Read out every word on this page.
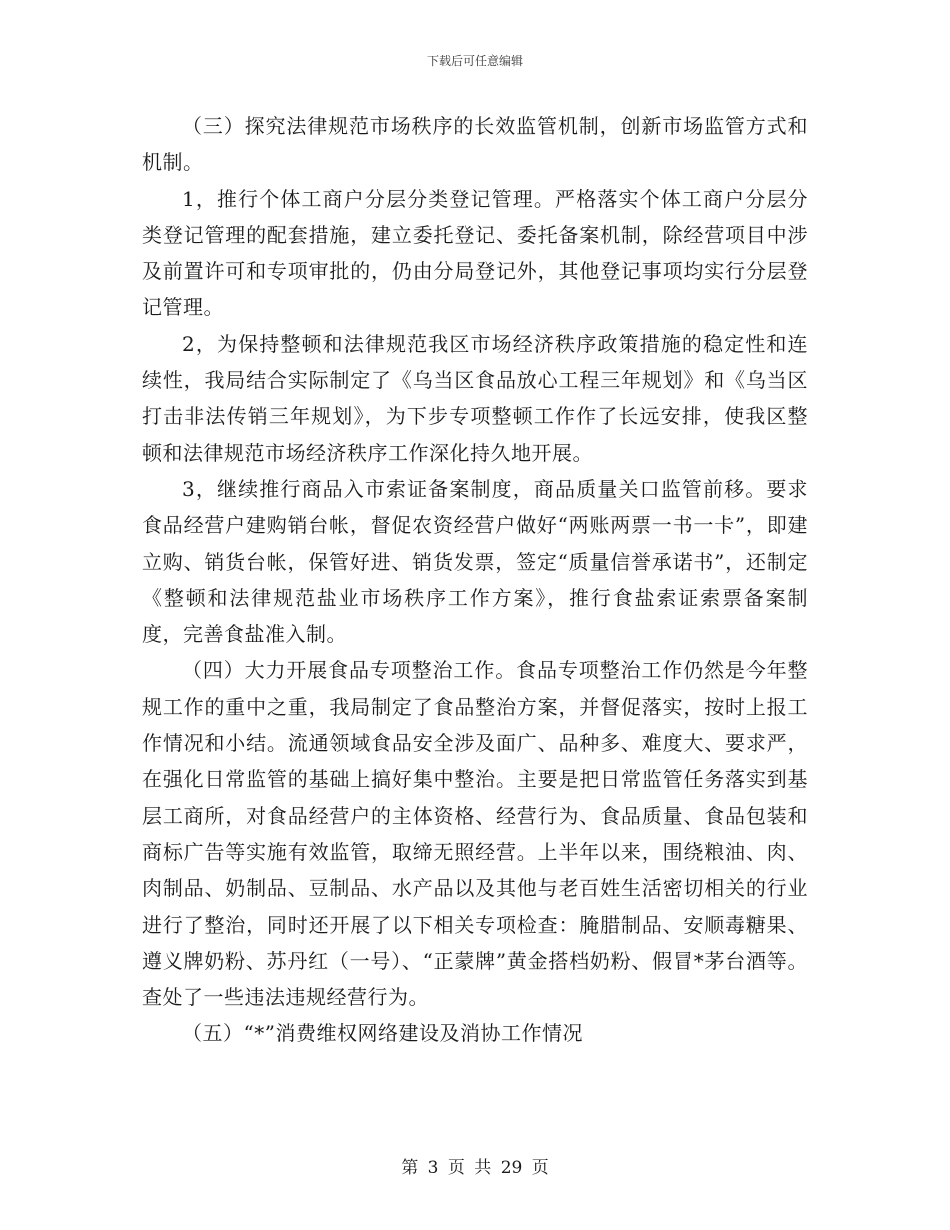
下载后可任意编辑

（三）探究法律规范市场秩序的长效监管机制，创新市场监管方式和机制。

1，推行个体工商户分层分类登记管理。严格落实个体工商户分层分类登记管理的配套措施，建立委托登记、委托备案机制，除经营项目中涉及前置许可和专项审批的，仍由分局登记外，其他登记事项均实行分层登记管理。

2，为保持整顿和法律规范我区市场经济秩序政策措施的稳定性和连续性，我局结合实际制定了《乌当区食品放心工程三年规划》和《乌当区打击非法传销三年规划》，为下步专项整顿工作作了长远安排，使我区整顿和法律规范市场经济秩序工作深化持久地开展。

3，继续推行商品入市索证备案制度，商品质量关口监管前移。要求食品经营户建购销台帐，督促农资经营户做好“两账两票一书一卡”，即建立购、销货台帐，保管好进、销货发票，签定“质量信誉承诺书”，还制定《整顿和法律规范盐业市场秩序工作方案》，推行食盐索证索票备案制度，完善食盐准入制。

（四）大力开展食品专项整治工作。食品专项整治工作仍然是今年整规工作的重中之重，我局制定了食品整治方案，并督促落实，按时上报工作情况和小结。流通领域食品安全涉及面广、品种多、难度大、要求严，在强化日常监管的基础上搞好集中整治。主要是把日常监管任务落实到基层工商所，对食品经营户的主体资格、经营行为、食品质量、食品包装和商标广告等实施有效监管，取缔无照经营。上半年以来，围绕粮油、肉、肉制品、奶制品、豆制品、水产品以及其他与老百姓生活密切相关的行业进行了整治，同时还开展了以下相关专项检查：腌腊制品、安顺毒糖果、遵义牌奶粉、苏丹红（一号）、“正蒙牌”黄金搭档奶粉、假冒*茅台酒等。查处了一些违法违规经营行为。

（五）“*”消费维权网络建设及消协工作情况

第 3 页 共 29 页
